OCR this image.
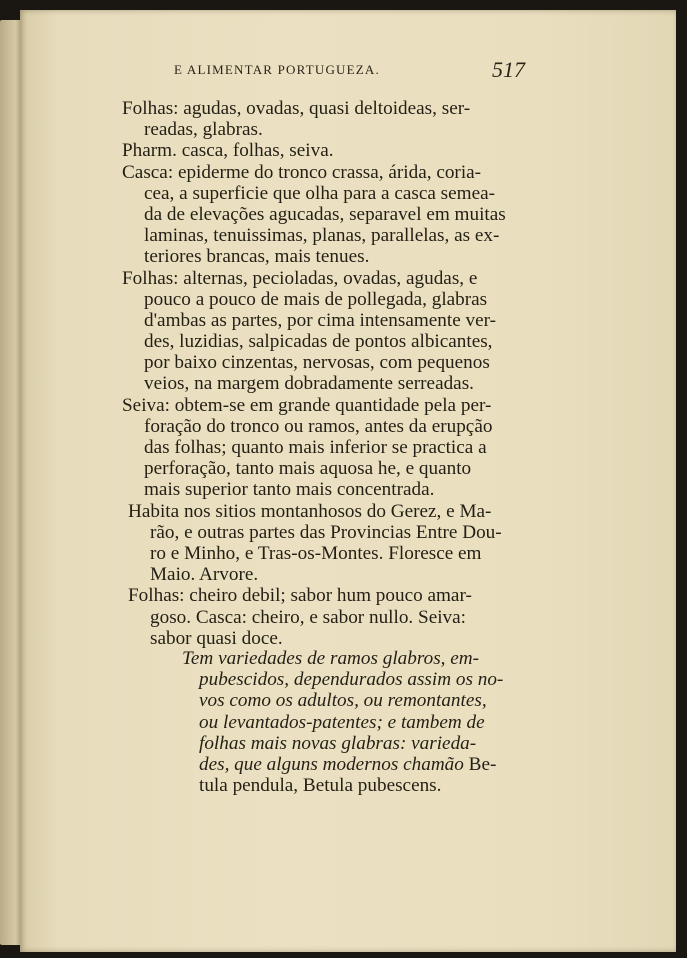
E ALIMENTAR PORTUGUEZA.	517
Folhas: agudas, ovadas, quasi deltoideas, ser-
readas, glabras.
Pharm. casca, folhas, seiva.
Casca: epiderme do tronco crassa, árida, coria-
cea, a superficie que olha para a casca semea-
da de elevações agucadas, separavel em muitas
laminas, tenuissimas, planas, parallelas, as ex-
teriores brancas, mais tenues.
Folhas: alternas, pecioladas, ovadas, agudas, e
pouco a pouco de mais de pollegada, glabras
d'ambas as partes, por cima intensamente ver-
des, luzidias, salpicadas de pontos albicantes,
por baixo cinzentas, nervosas, com pequenos
veios, na margem dobradamente serreadas.
Seiva: obtem-se em grande quantidade pela per-
foração do tronco ou ramos, antes da erupção
das folhas; quanto mais inferior se practica a
perforação, tanto mais aquosa he, e quanto
mais superior tanto mais concentrada.
Habita nos sitios montanhosos do Gerez, e Ma-
rão, e outras partes das Provincias Entre Dou-
ro e Minho, e Tras-os-Montes. Floresce em
Maio. Arvore.
Folhas: cheiro debil; sabor hum pouco amar-
goso. Casca: cheiro, e sabor nullo. Seiva:
sabor quasi doce.
Tem variedades de ramos glabros, em-
pubescidos, dependurados assim os no-
vos como os adultos, ou remontantes,
ou levantados-patentes; e tambem de
folhas mais novas glabras: varieda-
des, que alguns modernos chamão Be-
tula pendula, Betula pubescens.
